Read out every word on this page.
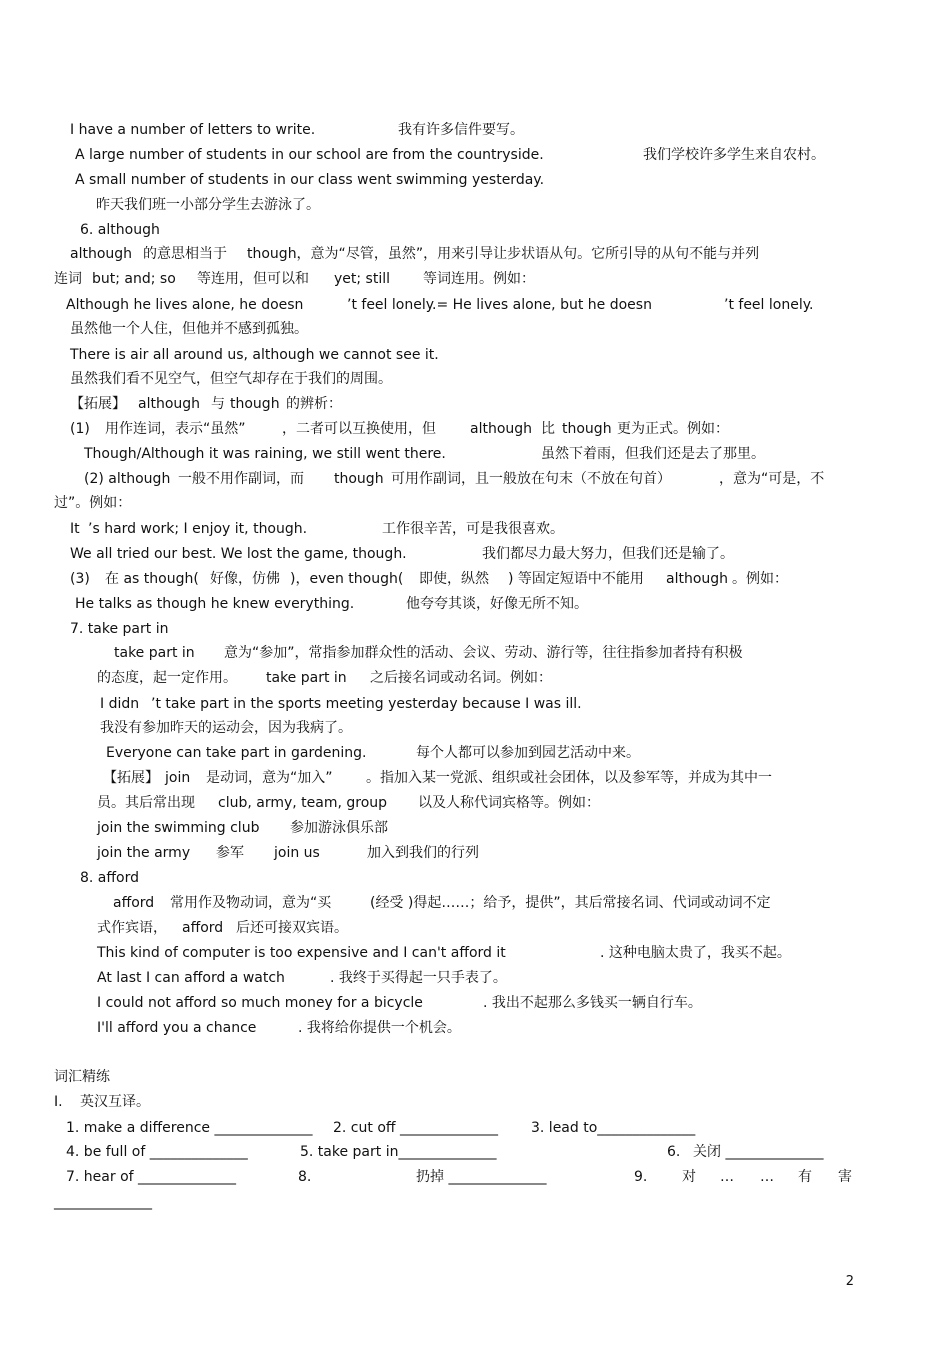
2
I have a number of letters to write.	我有许多信件要写。
A large number of students in our school are from the countryside.	我们学校许多学生来自农村。
A small number of students in our class went swimming yesterday.
昨天我们班一小部分学生去游泳了。
6. although
although 的意思相当于 though，意为“尽管，虽然”，用来引导让步状语从句。它所引导的从句不能与并列
连词 but; and; so 等连用，但可以和 yet; still 等词连用。例如：
Although he lives alone, he doesn	’t feel lonely.= He lives alone, but he doesn	’t feel lonely.
虽然他一个人住，但他并不感到孤独。
There is air all around us, although we cannot see it.
虽然我们看不见空气，但空气却存在于我们的周围。
【拓展】 although 与 though 的辨析：
(1) 用作连词，表示“虽然”	，二者可以互换使用，但 although 比 though 更为正式。例如：
Though/Although it was raining, we still went there.	虽然下着雨，但我们还是去了那里。
(2) although 一般不用作副词，而 though 可用作副词，且一般放在句末（不放在句首）	，意为“可是，不
过”。例如：
It ’s hard work; I enjoy it, though.	工作很辛苦，可是我很喜欢。
We all tried our best. We lost the game, though.	我们都尽力最大努力，但我们还是输了。
(3) 在 as though( 好像，仿佛 )，even though( 即使，纵然 ) 等固定短语中不能用 although 。例如：
He talks as though he knew everything.	他夸夸其谈，好像无所不知。
7. take part in
take part in 意为“参加”，常指参加群众性的活动、会议、劳动、游行等，往往指参加者持有积极
的态度，起一定作用。 take part in 之后接名词或动名词。例如：
I didn ’t take part in the sports meeting yesterday because I was ill.
我没有参加昨天的运动会，因为我病了。
Everyone can take part in gardening.	每个人都可以参加到园艺活动中来。
【拓展】 join 是动词，意为“加入” 。指加入某一党派、组织或社会团体，以及参军等，并成为其中一
员。其后常出现 club, army, team, group 以及人称代词宾格等。例如：
join the swimming club 参加游泳俱乐部
join the army 参军 join us	加入到我们的行列
8. afford
afford 常用作及物动词，意为“买	(经受 )得起……；给予，提供”，其后常接名词、代词或动词不定
式作宾语， afford 后还可接双宾语。
This kind of computer is too expensive and I can't afford it	. 这种电脑太贵了，我买不起。
At last I can afford a watch	. 我终于买得起一只手表了。
I could not afford so much money for a bicycle	. 我出不起那么多钱买一辆自行车。
I'll afford you a chance	. 我将给你提供一个机会。
词汇精练
I. 英汉互译。
1. make a difference ______________ 2. cut off ______________ 3. lead to______________
4. be full of ______________	5. take part in______________	6. 关闭 ______________
7. hear of ______________	8.	扔掉 ______________	9. 对 … … 有 害
______________
